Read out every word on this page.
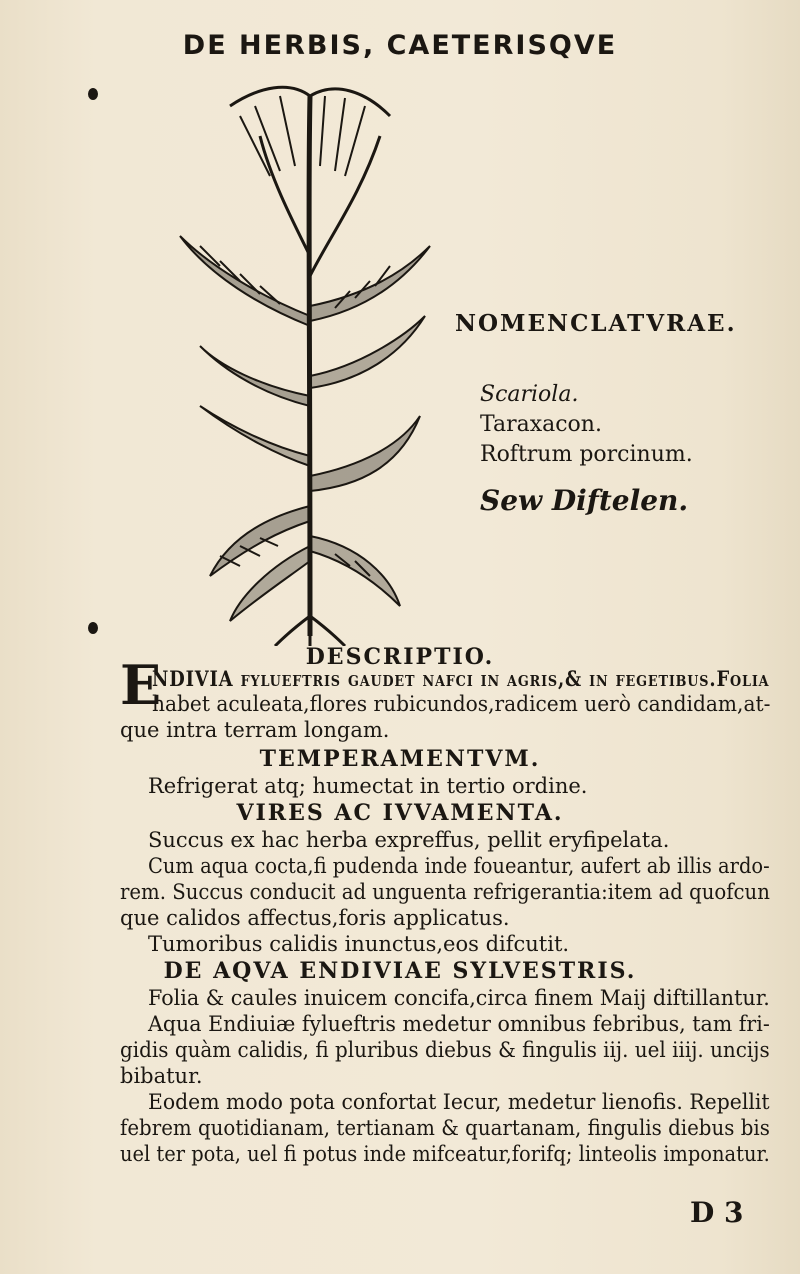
DE HERBIS, CAETERISQVE
NOMENCLATVRAE.
Scariola.
Taraxacon.
Roftrum porcinum.
Sew Diftelen.
DESCRIPTIO.
E
NDIVIA fylueftris gaudet nafci in agris,& in fegetibus.Folia
habet aculeata,flores rubicundos,radicem uerò candidam,at-
que intra terram longam.
TEMPERAMENTVM.
Refrigerat atq; humectat in tertio ordine.
VIRES AC IVVAMENTA.
Succus ex hac herba expreffus, pellit eryfipelata.
Cum aqua cocta,fi pudenda inde foueantur, aufert ab illis ardo-
rem. Succus conducit ad unguenta refrigerantia:item ad quofcun
que calidos affectus,foris applicatus.
Tumoribus calidis inunctus,eos difcutit.
DE AQVA ENDIVIAE SYLVESTRIS.
Folia & caules inuicem concifa,circa finem Maij diftillantur.
Aqua Endiuiæ fylueftris medetur omnibus febribus, tam fri-
gidis quàm calidis, fi pluribus diebus & fingulis iij. uel iiij. uncijs
bibatur.
Eodem modo pota confortat Iecur, medetur lienofis. Repellit
febrem quotidianam, tertianam & quartanam, fingulis diebus bis
uel ter pota, uel fi potus inde mifceatur,forifq; linteolis imponatur.
D 3
